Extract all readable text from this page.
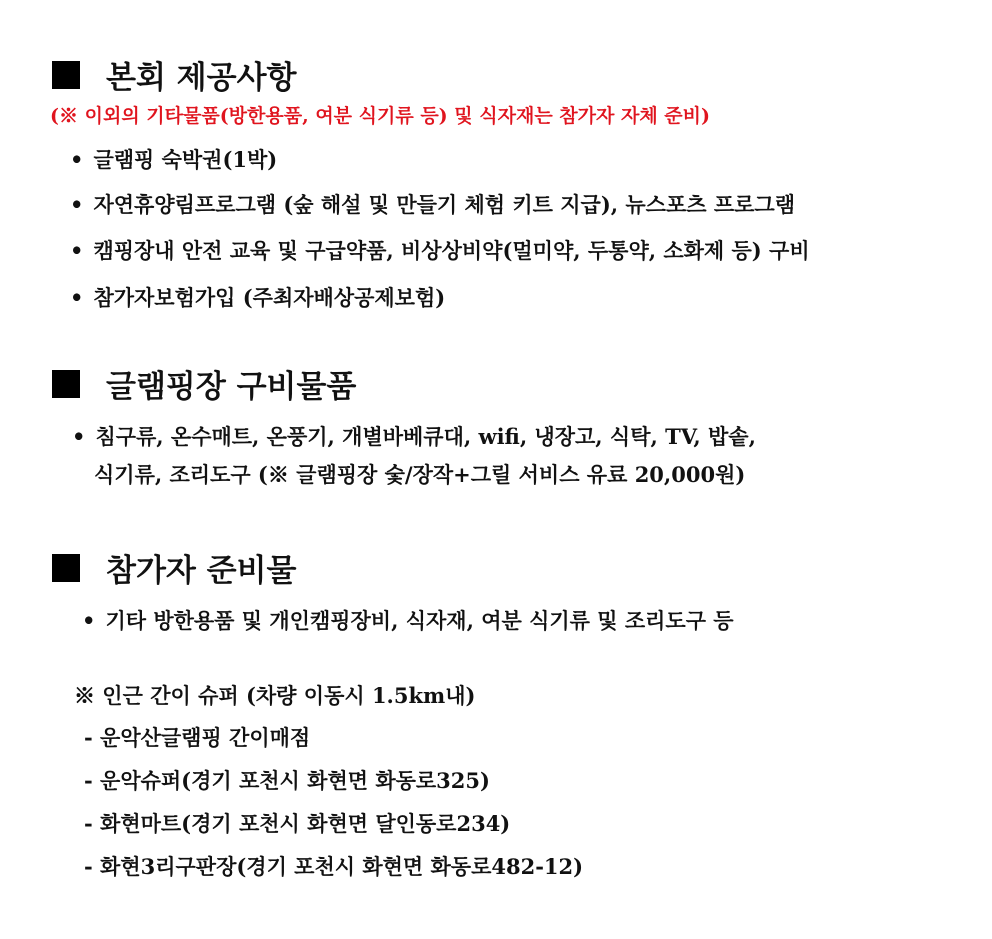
본회 제공사항
(※ 이외의 기타물품(방한용품, 여분 식기류 등) 및 식자재는 참가자 자체 준비)
• 글램핑 숙박권(1박)
• 자연휴양림프로그램 (숲 해설 및 만들기 체험 키트 지급), 뉴스포츠 프로그램
• 캠핑장내 안전 교육 및 구급약품, 비상상비약(멀미약, 두통약, 소화제 등) 구비
• 참가자보험가입 (주최자배상공제보험)
글램핑장 구비물품
• 침구류, 온수매트, 온풍기, 개별바베큐대, wifi, 냉장고, 식탁, TV, 밥솥,
식기류, 조리도구 (※ 글램핑장 숯/장작+그릴 서비스 유료 20,000원)
참가자 준비물
• 기타 방한용품 및 개인캠핑장비, 식자재, 여분 식기류 및 조리도구 등
※ 인근 간이 슈퍼 (차량 이동시 1.5km내)
- 운악산글램핑 간이매점
- 운악슈퍼(경기 포천시 화현면 화동로325)
- 화현마트(경기 포천시 화현면 달인동로234)
- 화현3리구판장(경기 포천시 화현면 화동로482-12)
